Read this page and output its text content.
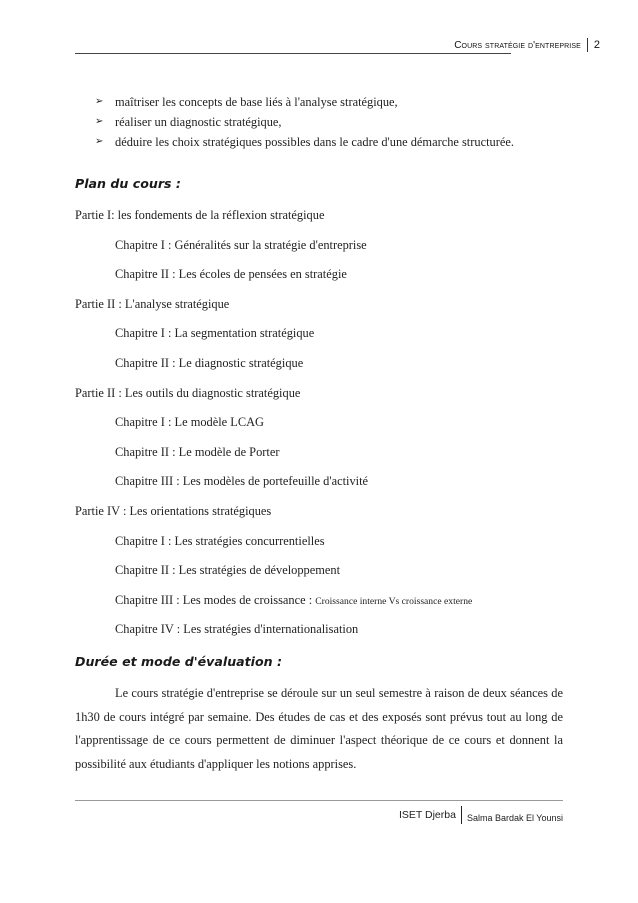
Cours stratégie d'entreprise	2
➢ maîtriser les concepts de base liés à l'analyse stratégique,
➢ réaliser un diagnostic stratégique,
➢ déduire les choix stratégiques possibles dans le cadre d'une démarche structurée.
Plan du cours :
Partie I: les fondements de la réflexion stratégique
Chapitre I : Généralités sur la stratégie d'entreprise
Chapitre II : Les écoles de pensées en stratégie
Partie II : L'analyse stratégique
Chapitre I : La segmentation stratégique
Chapitre II : Le diagnostic stratégique
Partie II : Les outils du diagnostic stratégique
Chapitre I : Le modèle LCAG
Chapitre II : Le modèle de Porter
Chapitre III : Les modèles de portefeuille d'activité
Partie IV : Les orientations stratégiques
Chapitre I : Les stratégies concurrentielles
Chapitre II : Les stratégies de développement
Chapitre III : Les modes de croissance : Croissance interne Vs croissance externe
Chapitre IV : Les stratégies d'internationalisation
Durée et mode d'évaluation :

Le cours stratégie d'entreprise se déroule sur un seul semestre à raison de deux séances de 1h30 de cours intégré par semaine. Des études de cas et des exposés sont prévus tout au long de l'apprentissage de ce cours permettent de diminuer l'aspect théorique de ce cours et donnent la possibilité aux étudiants d'appliquer les notions apprises.

ISET Djerba	Salma Bardak El Younsi
